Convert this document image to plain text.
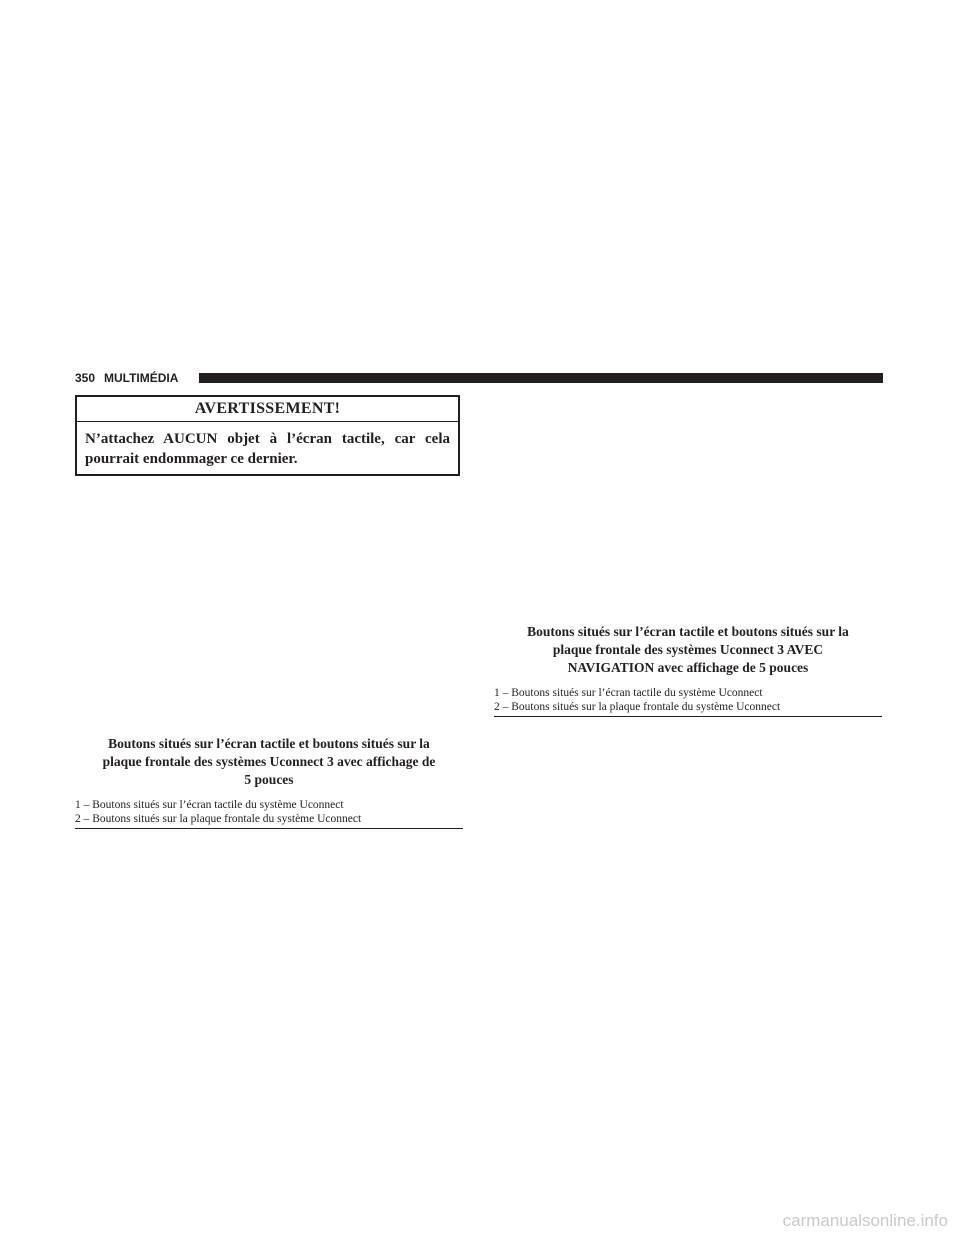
350 MULTIMÉDIA
AVERTISSEMENT!
N’attachez AUCUN objet à l’écran tactile, car cela pourrait endommager ce dernier.
Boutons situés sur l’écran tactile et boutons situés sur la
plaque frontale des systèmes Uconnect 3 avec affichage de
5 pouces
1 – Boutons situés sur l’écran tactile du système Uconnect
2 – Boutons situés sur la plaque frontale du système Uconnect
Boutons situés sur l’écran tactile et boutons situés sur la
plaque frontale des systèmes Uconnect 3 AVEC
NAVIGATION avec affichage de 5 pouces
1 – Boutons situés sur l’écran tactile du système Uconnect
2 – Boutons situés sur la plaque frontale du système Uconnect
carmanualsonline.info
